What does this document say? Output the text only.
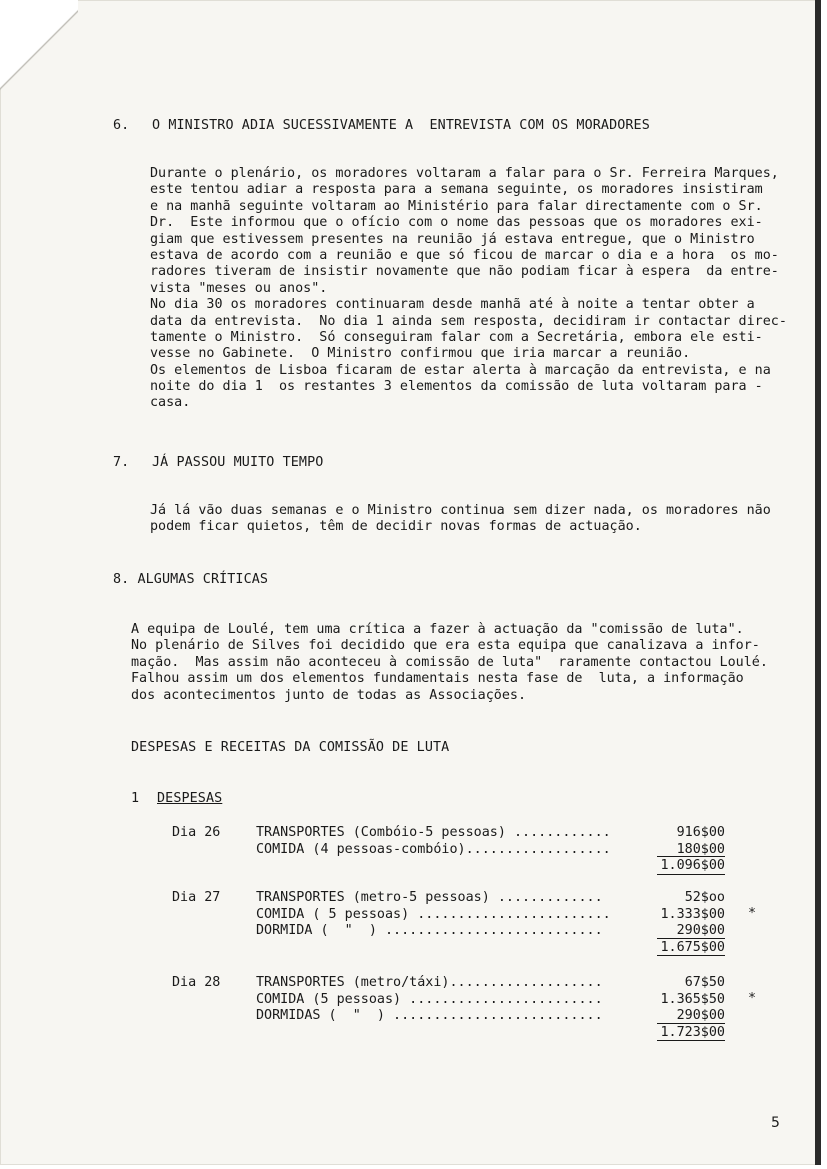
6. O MINISTRO ADIA SUCESSIVAMENTE A  ENTREVISTA COM OS MORADORES
Durante o plenário, os moradores voltaram a falar para o Sr. Ferreira Marques,
este tentou adiar a resposta para a semana seguinte, os moradores insistiram
e na manhã seguinte voltaram ao Ministério para falar directamente com o Sr.
Dr.  Este informou que o ofício com o nome das pessoas que os moradores exi-
giam que estivessem presentes na reunião já estava entregue, que o Ministro
estava de acordo com a reunião e que só ficou de marcar o dia e a hora  os mo-
radores tiveram de insistir novamente que não podiam ficar à espera  da entre-
vista "meses ou anos".
No dia 30 os moradores continuaram desde manhã até à noite a tentar obter a
data da entrevista.  No dia 1 ainda sem resposta, decidiram ir contactar direc-
tamente o Ministro.  Só conseguiram falar com a Secretária, embora ele esti-
vesse no Gabinete.  O Ministro confirmou que iria marcar a reunião.
Os elementos de Lisboa ficaram de estar alerta à marcação da entrevista, e na
noite do dia 1  os restantes 3 elementos da comissão de luta voltaram para -
casa.
7. JÁ PASSOU MUITO TEMPO
Já lá vão duas semanas e o Ministro continua sem dizer nada, os moradores não
podem ficar quietos, têm de decidir novas formas de actuação.
8. ALGUMAS CRÍTICAS
A equipa de Loulé, tem uma crítica a fazer à actuação da "comissão de luta".
No plenário de Silves foi decidido que era esta equipa que canalizava a infor-
mação.  Mas assim não aconteceu à comissão de luta"  raramente contactou Loulé.
Falhou assim um dos elementos fundamentais nesta fase de  luta, a informação
dos acontecimentos junto de todas as Associações.
DESPESAS E RECEITAS DA COMISSÃO DE LUTA
1 DESPESAS
Dia 26	TRANSPORTES (Combóio-5 pessoas) ............	916$00
COMIDA (4 pessoas-combóio)..................	180$00
1.096$00
Dia 27	TRANSPORTES (metro-5 pessoas) .............	52$oo
COMIDA ( 5 pessoas) ........................	1.333$00 *
DORMIDA (  "  ) ...........................	290$00
1.675$00
Dia 28	TRANSPORTES (metro/táxi)...................	67$50
COMIDA (5 pessoas) ........................	1.365$50 *
DORMIDAS (  "  ) ..........................	290$00
1.723$00
5
